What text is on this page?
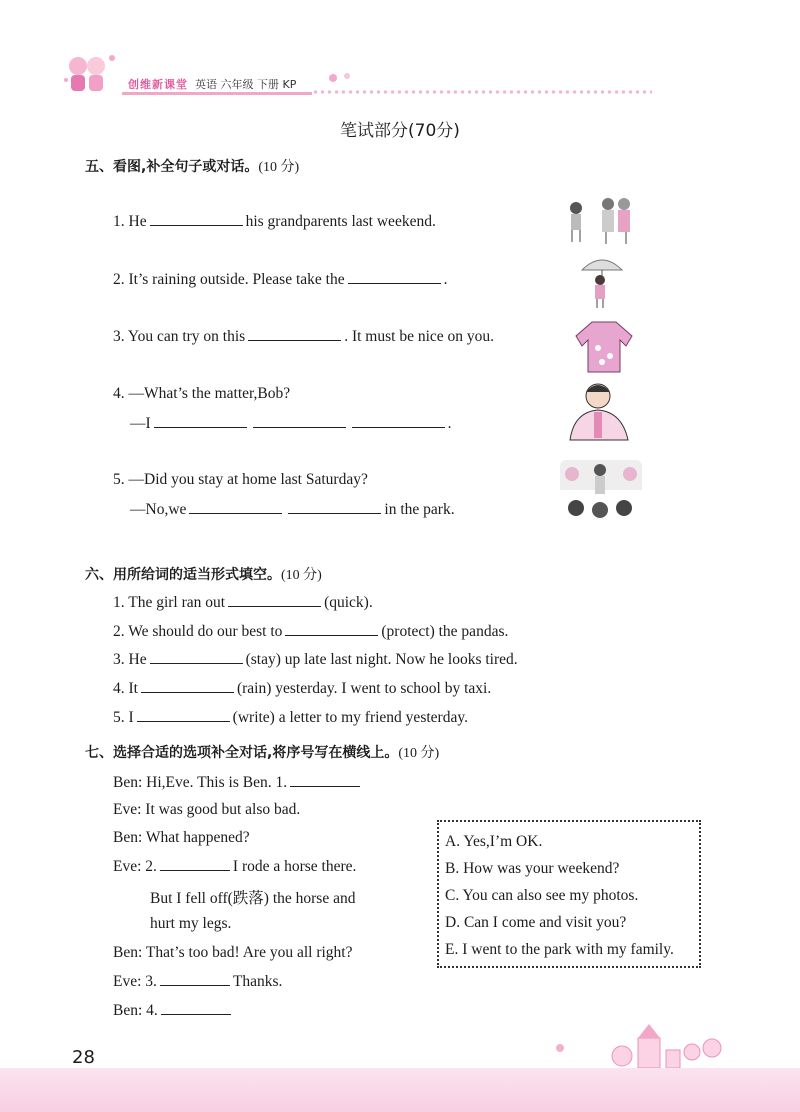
创维新课堂 英语 六年级 下册 KP
笔试部分(70分)
五、看图,补全句子或对话。(10 分)
1. He	his grandparents last weekend.
2. It’s raining outside. Please take the	.
3. You can try on this	. It must be nice on you.
4. —What’s the matter,Bob?
—I	.
5. —Did you stay at home last Saturday?
—No,we	in the park.
六、用所给词的适当形式填空。(10 分)
1. The girl ran out	(quick).
2. We should do our best to	(protect) the pandas.
3. He	(stay) up late last night. Now he looks tired.
4. It	(rain) yesterday. I went to school by taxi.
5. I	(write) a letter to my friend yesterday.
七、选择合适的选项补全对话,将序号写在横线上。(10 分)
Ben: Hi,Eve. This is Ben. 1.
Eve: It was good but also bad.
Ben: What happened?
Eve: 2.	I rode a horse there.
But I fell off(跌落) the horse and
hurt my legs.
Ben: That’s too bad! Are you all right?
Eve: 3.	Thanks.
Ben: 4.
A. Yes,I’m OK.
B. How was your weekend?
C. You can also see my photos.
D. Can I come and visit you?
E. I went to the park with my family.
28
